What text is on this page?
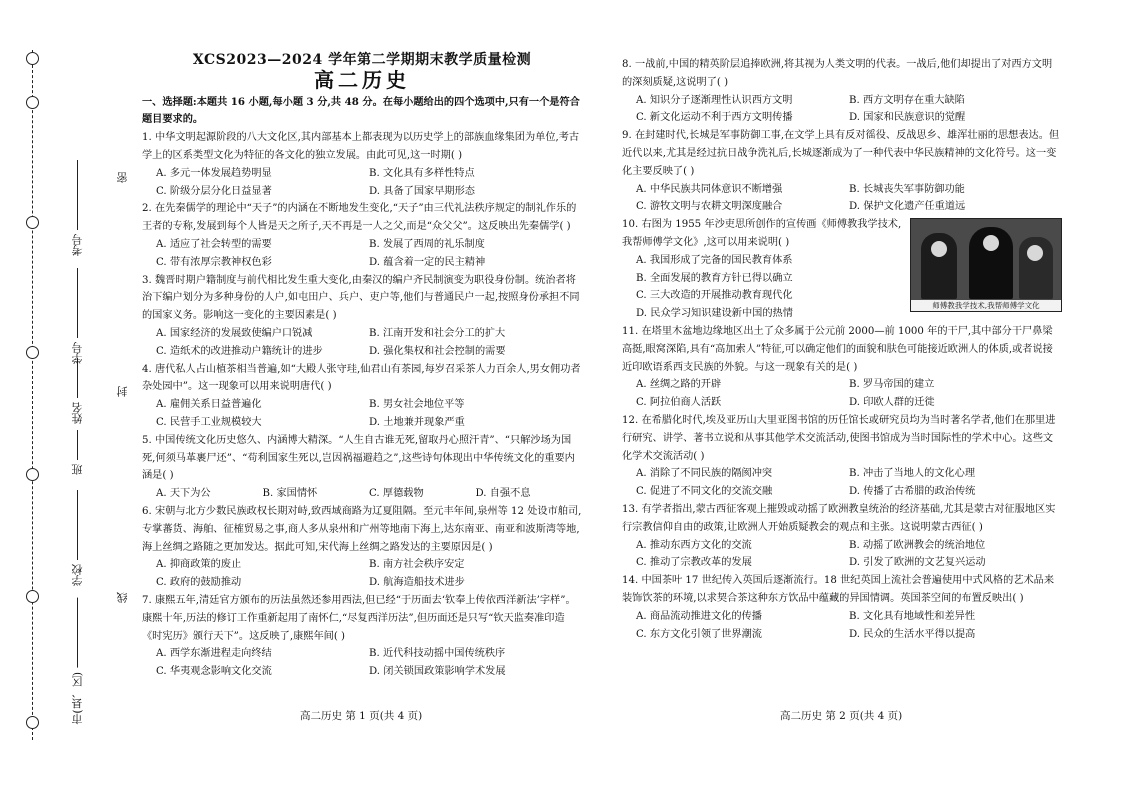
市(县、区)
学校
班
姓名
学号
考号
密
封
线
XCS2023—2024 学年第二学期期末教学质量检测
高二历史
一、选择题:本题共 16 小题,每小题 3 分,共 48 分。在每小题给出的四个选项中,只有一个是符合题目要求的。
1. 中华文明起源阶段的八大文化区,其内部基本上都表现为以历史学上的部族血缘集团为单位,考古学上的区系类型文化为特征的各文化的独立发展。由此可见,这一时期( )
A. 多元一体发展趋势明显	B. 文化具有多样性特点
C. 阶级分层分化日益显著	D. 具备了国家早期形态
2. 在先秦儒学的理论中“天子”的内涵在不断地发生变化,“天子”由三代礼法秩序规定的制礼作乐的王者的专称,发展到每个人皆是天之所子,天不再是一人之父,而是“众父父”。这反映出先秦儒学( )
A. 适应了社会转型的需要	B. 发展了西周的礼乐制度
C. 带有浓厚宗教神权色彩	D. 蕴含着一定的民主精神
3. 魏晋时期户籍制度与前代相比发生重大变化,由秦汉的编户齐民制演变为职役身份制。统治者将治下编户划分为多种身份的人户,如屯田户、兵户、吏户等,他们与普通民户一起,按照身份承担不同的国家义务。影响这一变化的主要因素是( )
A. 国家经济的发展致使编户口锐减	B. 江南开发和社会分工的扩大
C. 造纸术的改进推动户籍统计的进步	D. 强化集权和社会控制的需要
4. 唐代私人占山植茶相当普遍,如“大殿人张守珪,仙君山有茶园,每岁召采茶人力百余人,男女佣功者杂处园中”。这一现象可以用来说明唐代( )
A. 雇佣关系日益普遍化	B. 男女社会地位平等
C. 民营手工业规模较大	D. 土地兼并现象严重
5. 中国传统文化历史悠久、内涵博大精深。“人生自古谁无死,留取丹心照汗青”、“只解沙场为国死,何须马革裹尸还”、“苟利国家生死以,岂因祸福避趋之”,这些诗句体现出中华传统文化的重要内涵是( )
A. 天下为公	B. 家国情怀	C. 厚德载物	D. 自强不息
6. 宋朝与北方少数民族政权长期对峙,致西域商路为辽夏阻隔。至元丰年间,泉州等 12 处设市舶司,专掌蕃货、海舶、征榷贸易之事,商人多从泉州和广州等地南下海上,达东南亚、南亚和波斯湾等地,海上丝绸之路随之更加发达。据此可知,宋代海上丝绸之路发达的主要原因是( )
A. 抑商政策的废止	B. 南方社会秩序安定
C. 政府的鼓励推动	D. 航海造船技术进步
7. 康熙五年,清廷官方颁布的历法虽然还参用西法,但已经“于历面去‘钦奉上传依西洋新法’字样”。康熙十年,历法的修订工作重新起用了南怀仁,“尽复西洋历法”,但历面还是只写“钦天监奏准印造《时宪历》颁行天下”。这反映了,康熙年间( )
A. 西学东渐进程走向终结	B. 近代科技动摇中国传统秩序
C. 华夷观念影响文化交流	D. 闭关锁国政策影响学术发展
8. 一战前,中国的精英阶层追捧欧洲,将其视为人类文明的代表。一战后,他们却提出了对西方文明的深刻质疑,这说明了( )
A. 知识分子逐渐理性认识西方文明	B. 西方文明存在重大缺陷
C. 新文化运动不利于西方文明传播	D. 国家和民族意识的觉醒
9. 在封建时代,长城是军事防御工事,在文学上具有反对徭役、反战思乡、雄浑壮丽的思想表达。但近代以来,尤其是经过抗日战争洗礼后,长城逐渐成为了一种代表中华民族精神的文化符号。这一变化主要反映了( )
A. 中华民族共同体意识不断增强	B. 长城丧失军事防御功能
C. 游牧文明与农耕文明深度融合	D. 保护文化遗产任重道远
10. 右图为 1955 年沙吏思所创作的宣传画《师傅教我学技术,我帮师傅学文化》,这可以用来说明( )
A. 我国形成了完备的国民教育体系
B. 全面发展的教育方针已得以确立
C. 三大改造的开展推动教育现代化
D. 民众学习知识建设新中国的热情
师傅教我学技术,我帮师傅学文化
11. 在塔里木盆地边缘地区出土了众多属于公元前 2000—前 1000 年的干尸,其中部分干尸鼻梁高挺,眼窝深陷,具有“高加索人”特征,可以确定他们的面貌和肤色可能接近欧洲人的体质,或者说接近印欧语系西支民族的外貌。与这一现象有关的是( )
A. 丝绸之路的开辟	B. 罗马帝国的建立
C. 阿拉伯商人活跃	D. 印欧人群的迁徙
12. 在希腊化时代,埃及亚历山大里亚图书馆的历任馆长或研究员均为当时著名学者,他们在那里进行研究、讲学、著书立说和从事其他学术交流活动,使图书馆成为当时国际性的学术中心。这些文化学术交流活动( )
A. 消除了不同民族的隔阂冲突	B. 冲击了当地人的文化心理
C. 促进了不同文化的交流交融	D. 传播了古希腊的政治传统
13. 有学者指出,蒙古西征客观上摧毁或动摇了欧洲教皇统治的经济基础,尤其是蒙古对征服地区实行宗教信仰自由的政策,让欧洲人开始质疑教会的观点和主张。这说明蒙古西征( )
A. 推动东西方文化的交流	B. 动摇了欧洲教会的统治地位
C. 推动了宗教改革的发展	D. 引发了欧洲的文艺复兴运动
14. 中国茶叶 17 世纪传入英国后逐渐流行。18 世纪英国上流社会普遍使用中式风格的艺术品来装饰饮茶的环境,以求契合茶这种东方饮品中蕴藏的异国情调。英国茶空间的布置反映出( )
A. 商品流动推进文化的传播	B. 文化具有地域性和差异性
C. 东方文化引领了世界潮流	D. 民众的生活水平得以提高
高二历史 第 1 页(共 4 页)	高二历史 第 2 页(共 4 页)
